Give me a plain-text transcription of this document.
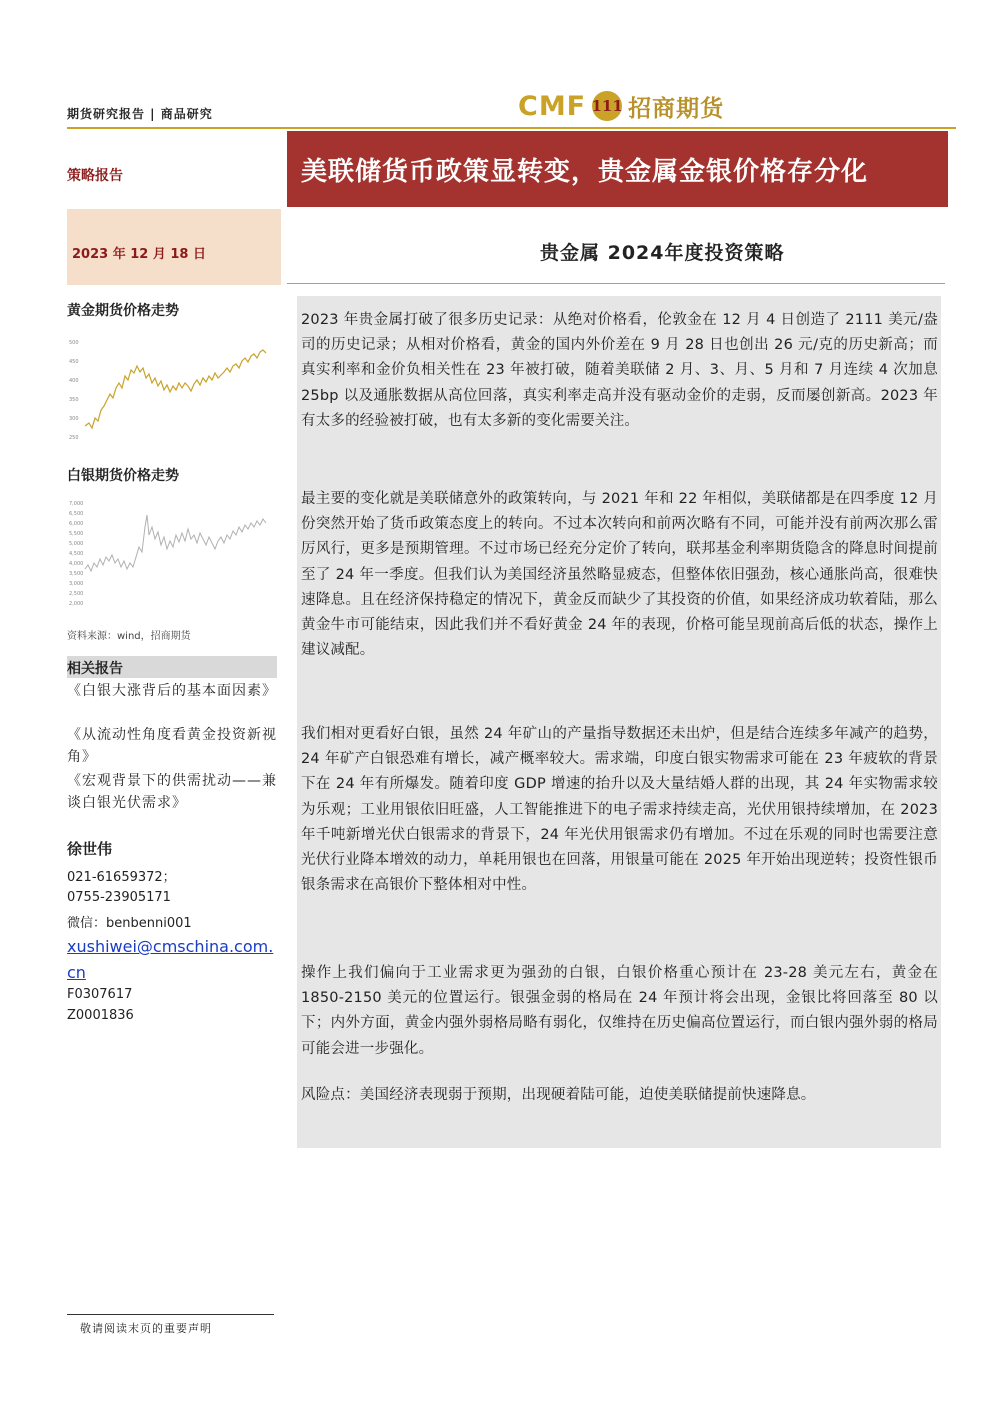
期货研究报告 | 商品研究	CMF 111 招商期货
策略报告	美联储货币政策显转变，贵金属金银价格存分化
2023 年 12 月 18 日	贵金属 2024年度投资策略
黄金期货价格走势
500
450
400
350
300
250
白银期货价格走势
7,000
6,500
6,000
5,500
5,000
4,500
4,000
3,500
3,000
2,500
2,000
资料来源：wind，招商期货
相关报告
《白银大涨背后的基本面因素》
《从流动性角度看黄金投资新视角》
《宏观背景下的供需扰动——兼谈白银光伏需求》
徐世伟
021-61659372；
0755-23905171
微信：benbenni001
xushiwei@cmschina.com.cn
F0307617
Z0001836
2023 年贵金属打破了很多历史记录：从绝对价格看，伦敦金在 12 月 4 日创造了 2111 美元/盎司的历史记录；从相对价格看，黄金的国内外价差在 9 月 28 日也创出 26 元/克的历史新高；而真实利率和金价负相关性在 23 年被打破，随着美联储 2 月、3、月、5 月和 7 月连续 4 次加息 25bp 以及通胀数据从高位回落，真实利率走高并没有驱动金价的走弱，反而屡创新高。2023 年有太多的经验被打破，也有太多新的变化需要关注。
最主要的变化就是美联储意外的政策转向，与 2021 年和 22 年相似，美联储都是在四季度 12 月份突然开始了货币政策态度上的转向。不过本次转向和前两次略有不同，可能并没有前两次那么雷厉风行，更多是预期管理。不过市场已经充分定价了转向，联邦基金利率期货隐含的降息时间提前至了 24 年一季度。但我们认为美国经济虽然略显疲态，但整体依旧强劲，核心通胀尚高，很难快速降息。且在经济保持稳定的情况下，黄金反而缺少了其投资的价值，如果经济成功软着陆，那么黄金牛市可能结束，因此我们并不看好黄金 24 年的表现，价格可能呈现前高后低的状态，操作上建议减配。
我们相对更看好白银，虽然 24 年矿山的产量指导数据还未出炉，但是结合连续多年减产的趋势，24 年矿产白银恐难有增长，减产概率较大。需求端，印度白银实物需求可能在 23 年疲软的背景下在 24 年有所爆发。随着印度 GDP 增速的抬升以及大量结婚人群的出现，其 24 年实物需求较为乐观；工业用银依旧旺盛，人工智能推进下的电子需求持续走高，光伏用银持续增加，在 2023 年千吨新增光伏白银需求的背景下，24 年光伏用银需求仍有增加。不过在乐观的同时也需要注意光伏行业降本增效的动力，单耗用银也在回落，用银量可能在 2025 年开始出现逆转；投资性银币银条需求在高银价下整体相对中性。
操作上我们偏向于工业需求更为强劲的白银，白银价格重心预计在 23-28 美元左右，黄金在 1850-2150 美元的位置运行。银强金弱的格局在 24 年预计将会出现，金银比将回落至 80 以下；内外方面，黄金内强外弱格局略有弱化，仅维持在历史偏高位置运行，而白银内强外弱的格局可能会进一步强化。
风险点：美国经济表现弱于预期，出现硬着陆可能，迫使美联储提前快速降息。
敬请阅读末页的重要声明
